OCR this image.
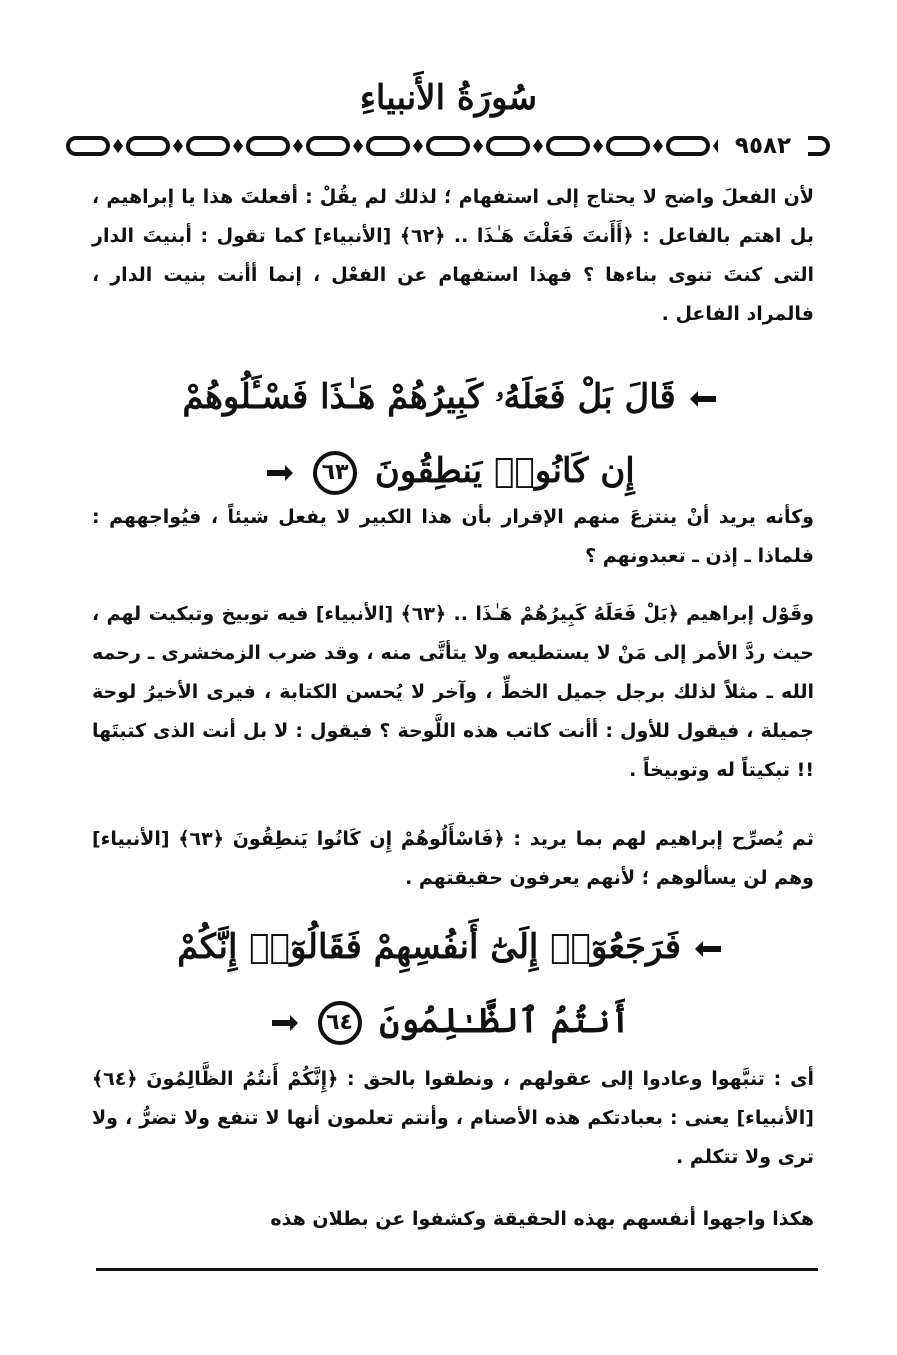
سُورَةُ الأَنبياءِ
٩٥٨٢

لأن الفعلَ واضح لا يحتاج إلى استفهام ؛ لذلك لم يقُلْ : أفعلتَ هذا يا إبراهيم ، بل اهتم بالفاعل : ﴿أَأَنتَ فَعَلْتَ هَـٰذَا .. ﴿٦٢﴾ [الأنبياء] كما تقول : أبنيتَ الدار التى كنتَ تنوى بناءها ؟ فهذا استفهام عن الفعْل ، إنما أأنت بنيت الدار ، فالمراد الفاعل .

قَالَ بَلْ فَعَلَهُۥ كَبِيرُهُمْ هَـٰذَا فَسْـَٔلُوهُمْ
إِن كَانُوا۟ يَنطِقُونَ ٦٣

وكأنه يريد أنْ ينتزعَ منهم الإقرار بأن هذا الكبير لا يفعل شيئاً ، فيُواجههم : فلماذا ـ إذن ـ تعبدونهم ؟

وقَوْل إبراهيم ﴿بَلْ فَعَلَهُ كَبِيرُهُمْ هَـٰذَا .. ﴿٦٣﴾ [الأنبياء] فيه توبيخ وتبكيت لهم ، حيث ردَّ الأمر إلى مَنْ لا يستطيعه ولا يتأتَّى منه ، وقد ضرب الزمخشرى ـ رحمه الله ـ مثلاً لذلك برجل جميل الخطِّ ، وآخر لا يُحسن الكتابة ، فيرى الأخيرُ لوحة جميلة ، فيقول للأول : أأنت كاتب هذه اللَّوحة ؟ فيقول : لا بل أنت الذى كتبتَها !! تبكيتاً له وتوبيخاً .

ثم يُصرِّح إبراهيم لهم بما يريد : ﴿فَاسْأَلُوهُمْ إِن كَانُوا يَنطِقُونَ ﴿٦٣﴾ [الأنبياء] وهم لن يسألوهم ؛ لأنهم يعرفون حقيقتهم .

فَرَجَعُوٓا۟ إِلَىٰٓ أَنفُسِهِمْ فَقَالُوٓا۟ إِنَّكُمْ
أَنتُمُ ٱلظَّـٰلِمُونَ ٦٤

أى : تنبَّهوا وعادوا إلى عقولهم ، ونطقوا بالحق : ﴿إِنَّكُمْ أَنتُمُ الظَّالِمُونَ ﴿٦٤﴾ [الأنبياء] يعنى : بعبادتكم هذه الأصنام ، وأنتم تعلمون أنها لا تنفع ولا تضرُّ ، ولا ترى ولا تتكلم .

هكذا واجهوا أنفسهم بهذه الحقيقة وكشفوا عن بطلان هذه
